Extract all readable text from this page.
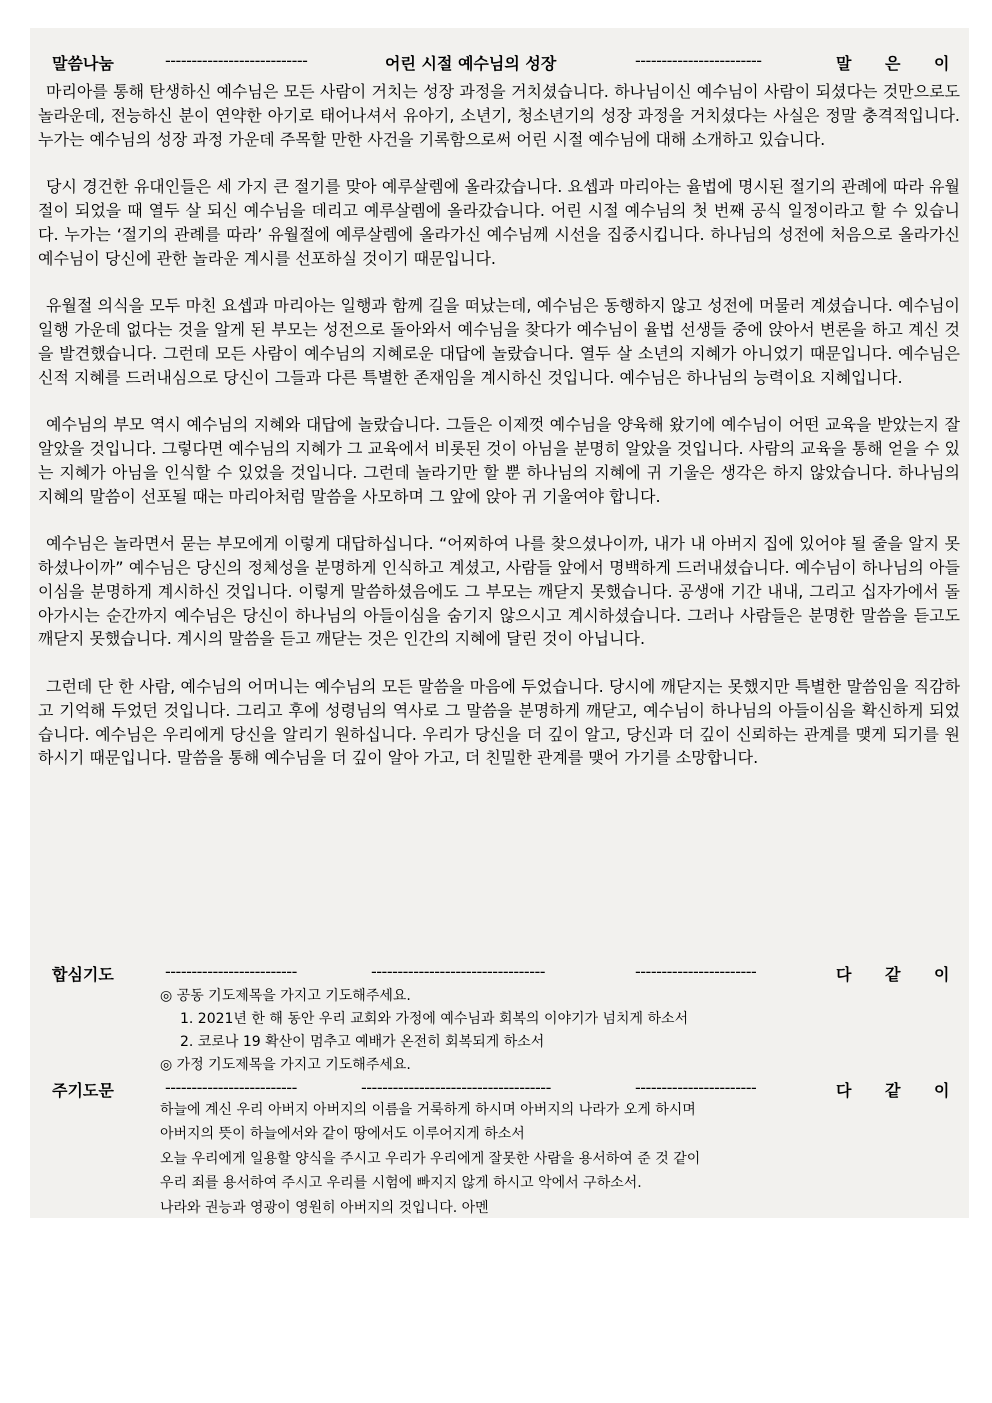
말씀나눔	---------------------------	어린 시절 예수님의 성장	------------------------	말 은 이

마리아를 통해 탄생하신 예수님은 모든 사람이 거치는 성장 과정을 거치셨습니다. 하나님이신 예수님이 사람이 되셨다는 것만으로도 놀라운데, 전능하신 분이 연약한 아기로 태어나셔서 유아기, 소년기, 청소년기의 성장 과정을 거치셨다는 사실은 정말 충격적입니다. 누가는 예수님의 성장 과정 가운데 주목할 만한 사건을 기록함으로써 어린 시절 예수님에 대해 소개하고 있습니다.

당시 경건한 유대인들은 세 가지 큰 절기를 맞아 예루살렘에 올라갔습니다. 요셉과 마리아는 율법에 명시된 절기의 관례에 따라 유월절이 되었을 때 열두 살 되신 예수님을 데리고 예루살렘에 올라갔습니다. 어린 시절 예수님의 첫 번째 공식 일정이라고 할 수 있습니다. 누가는 ‘절기의 관례를 따라’ 유월절에 예루살렘에 올라가신 예수님께 시선을 집중시킵니다. 하나님의 성전에 처음으로 올라가신 예수님이 당신에 관한 놀라운 계시를 선포하실 것이기 때문입니다.

유월절 의식을 모두 마친 요셉과 마리아는 일행과 함께 길을 떠났는데, 예수님은 동행하지 않고 성전에 머물러 계셨습니다. 예수님이 일행 가운데 없다는 것을 알게 된 부모는 성전으로 돌아와서 예수님을 찾다가 예수님이 율법 선생들 중에 앉아서 변론을 하고 계신 것을 발견했습니다. 그런데 모든 사람이 예수님의 지혜로운 대답에 놀랐습니다. 열두 살 소년의 지혜가 아니었기 때문입니다. 예수님은 신적 지혜를 드러내심으로 당신이 그들과 다른 특별한 존재임을 계시하신 것입니다. 예수님은 하나님의 능력이요 지혜입니다.

예수님의 부모 역시 예수님의 지혜와 대답에 놀랐습니다. 그들은 이제껏 예수님을 양육해 왔기에 예수님이 어떤 교육을 받았는지 잘 알았을 것입니다. 그렇다면 예수님의 지혜가 그 교육에서 비롯된 것이 아님을 분명히 알았을 것입니다. 사람의 교육을 통해 얻을 수 있는 지혜가 아님을 인식할 수 있었을 것입니다. 그런데 놀라기만 할 뿐 하나님의 지혜에 귀 기울은 생각은 하지 않았습니다. 하나님의 지혜의 말씀이 선포될 때는 마리아처럼 말씀을 사모하며 그 앞에 앉아 귀 기울여야 합니다.

예수님은 놀라면서 묻는 부모에게 이렇게 대답하십니다. “어찌하여 나를 찾으셨나이까, 내가 내 아버지 집에 있어야 될 줄을 알지 못하셨나이까” 예수님은 당신의 정체성을 분명하게 인식하고 계셨고, 사람들 앞에서 명백하게 드러내셨습니다. 예수님이 하나님의 아들이심을 분명하게 계시하신 것입니다. 이렇게 말씀하셨음에도 그 부모는 깨닫지 못했습니다. 공생애 기간 내내, 그리고 십자가에서 돌아가시는 순간까지 예수님은 당신이 하나님의 아들이심을 숨기지 않으시고 계시하셨습니다. 그러나 사람들은 분명한 말씀을 듣고도 깨닫지 못했습니다. 계시의 말씀을 듣고 깨닫는 것은 인간의 지혜에 달린 것이 아닙니다.

그런데 단 한 사람, 예수님의 어머니는 예수님의 모든 말씀을 마음에 두었습니다. 당시에 깨닫지는 못했지만 특별한 말씀임을 직감하고 기억해 두었던 것입니다. 그리고 후에 성령님의 역사로 그 말씀을 분명하게 깨닫고, 예수님이 하나님의 아들이심을 확신하게 되었습니다. 예수님은 우리에게 당신을 알리기 원하십니다. 우리가 당신을 더 깊이 알고, 당신과 더 깊이 신뢰하는 관계를 맺게 되기를 원하시기 때문입니다. 말씀을 통해 예수님을 더 깊이 알아 가고, 더 친밀한 관계를 맺어 가기를 소망합니다.

합심기도	-------------------------	---------------------------------	-----------------------	다 같 이
◎ 공동 기도제목을 가지고 기도해주세요.
1. 2021년 한 해 동안 우리 교회와 가정에 예수님과 회복의 이야기가 넘치게 하소서
2. 코로나 19 확산이 멈추고 예배가 온전히 회복되게 하소서
◎ 가정 기도제목을 가지고 기도해주세요.
주기도문	-------------------------	------------------------------------	-----------------------	다 같 이
하늘에 계신 우리 아버지 아버지의 이름을 거룩하게 하시며 아버지의 나라가 오게 하시며
아버지의 뜻이 하늘에서와 같이 땅에서도 이루어지게 하소서
오늘 우리에게 일용할 양식을 주시고 우리가 우리에게 잘못한 사람을 용서하여 준 것 같이
우리 죄를 용서하여 주시고 우리를 시험에 빠지지 않게 하시고 악에서 구하소서.
나라와 권능과 영광이 영원히 아버지의 것입니다. 아멘
